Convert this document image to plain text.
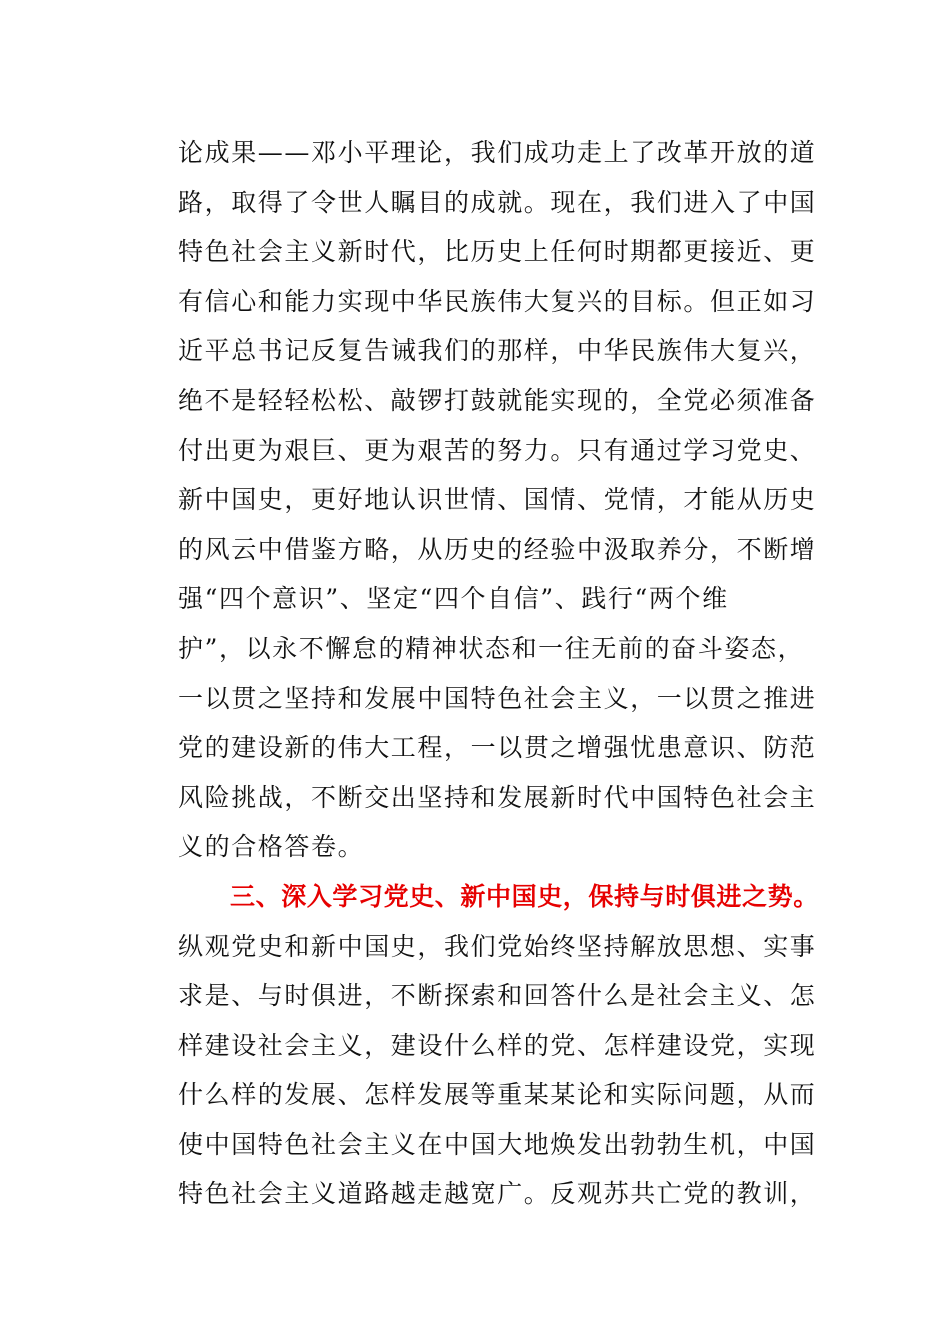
论成果——邓小平理论，我们成功走上了改革开放的道
路，取得了令世人瞩目的成就。现在，我们进入了中国
特色社会主义新时代，比历史上任何时期都更接近、更
有信心和能力实现中华民族伟大复兴的目标。但正如习
近平总书记反复告诫我们的那样，中华民族伟大复兴，
绝不是轻轻松松、敲锣打鼓就能实现的，全党必须准备
付出更为艰巨、更为艰苦的努力。只有通过学习党史、
新中国史，更好地认识世情、国情、党情，才能从历史
的风云中借鉴方略，从历史的经验中汲取养分，不断增
强“四个意识”、坚定“四个自信”、践行“两个维
护”，以永不懈怠的精神状态和一往无前的奋斗姿态，
一以贯之坚持和发展中国特色社会主义，一以贯之推进
党的建设新的伟大工程，一以贯之增强忧患意识、防范
风险挑战，不断交出坚持和发展新时代中国特色社会主
义的合格答卷。
三、深入学习党史、新中国史，保持与时俱进之势。
纵观党史和新中国史，我们党始终坚持解放思想、实事
求是、与时俱进，不断探索和回答什么是社会主义、怎
样建设社会主义，建设什么样的党、怎样建设党，实现
什么样的发展、怎样发展等重某某论和实际问题，从而
使中国特色社会主义在中国大地焕发出勃勃生机，中国
特色社会主义道路越走越宽广。反观苏共亡党的教训，
